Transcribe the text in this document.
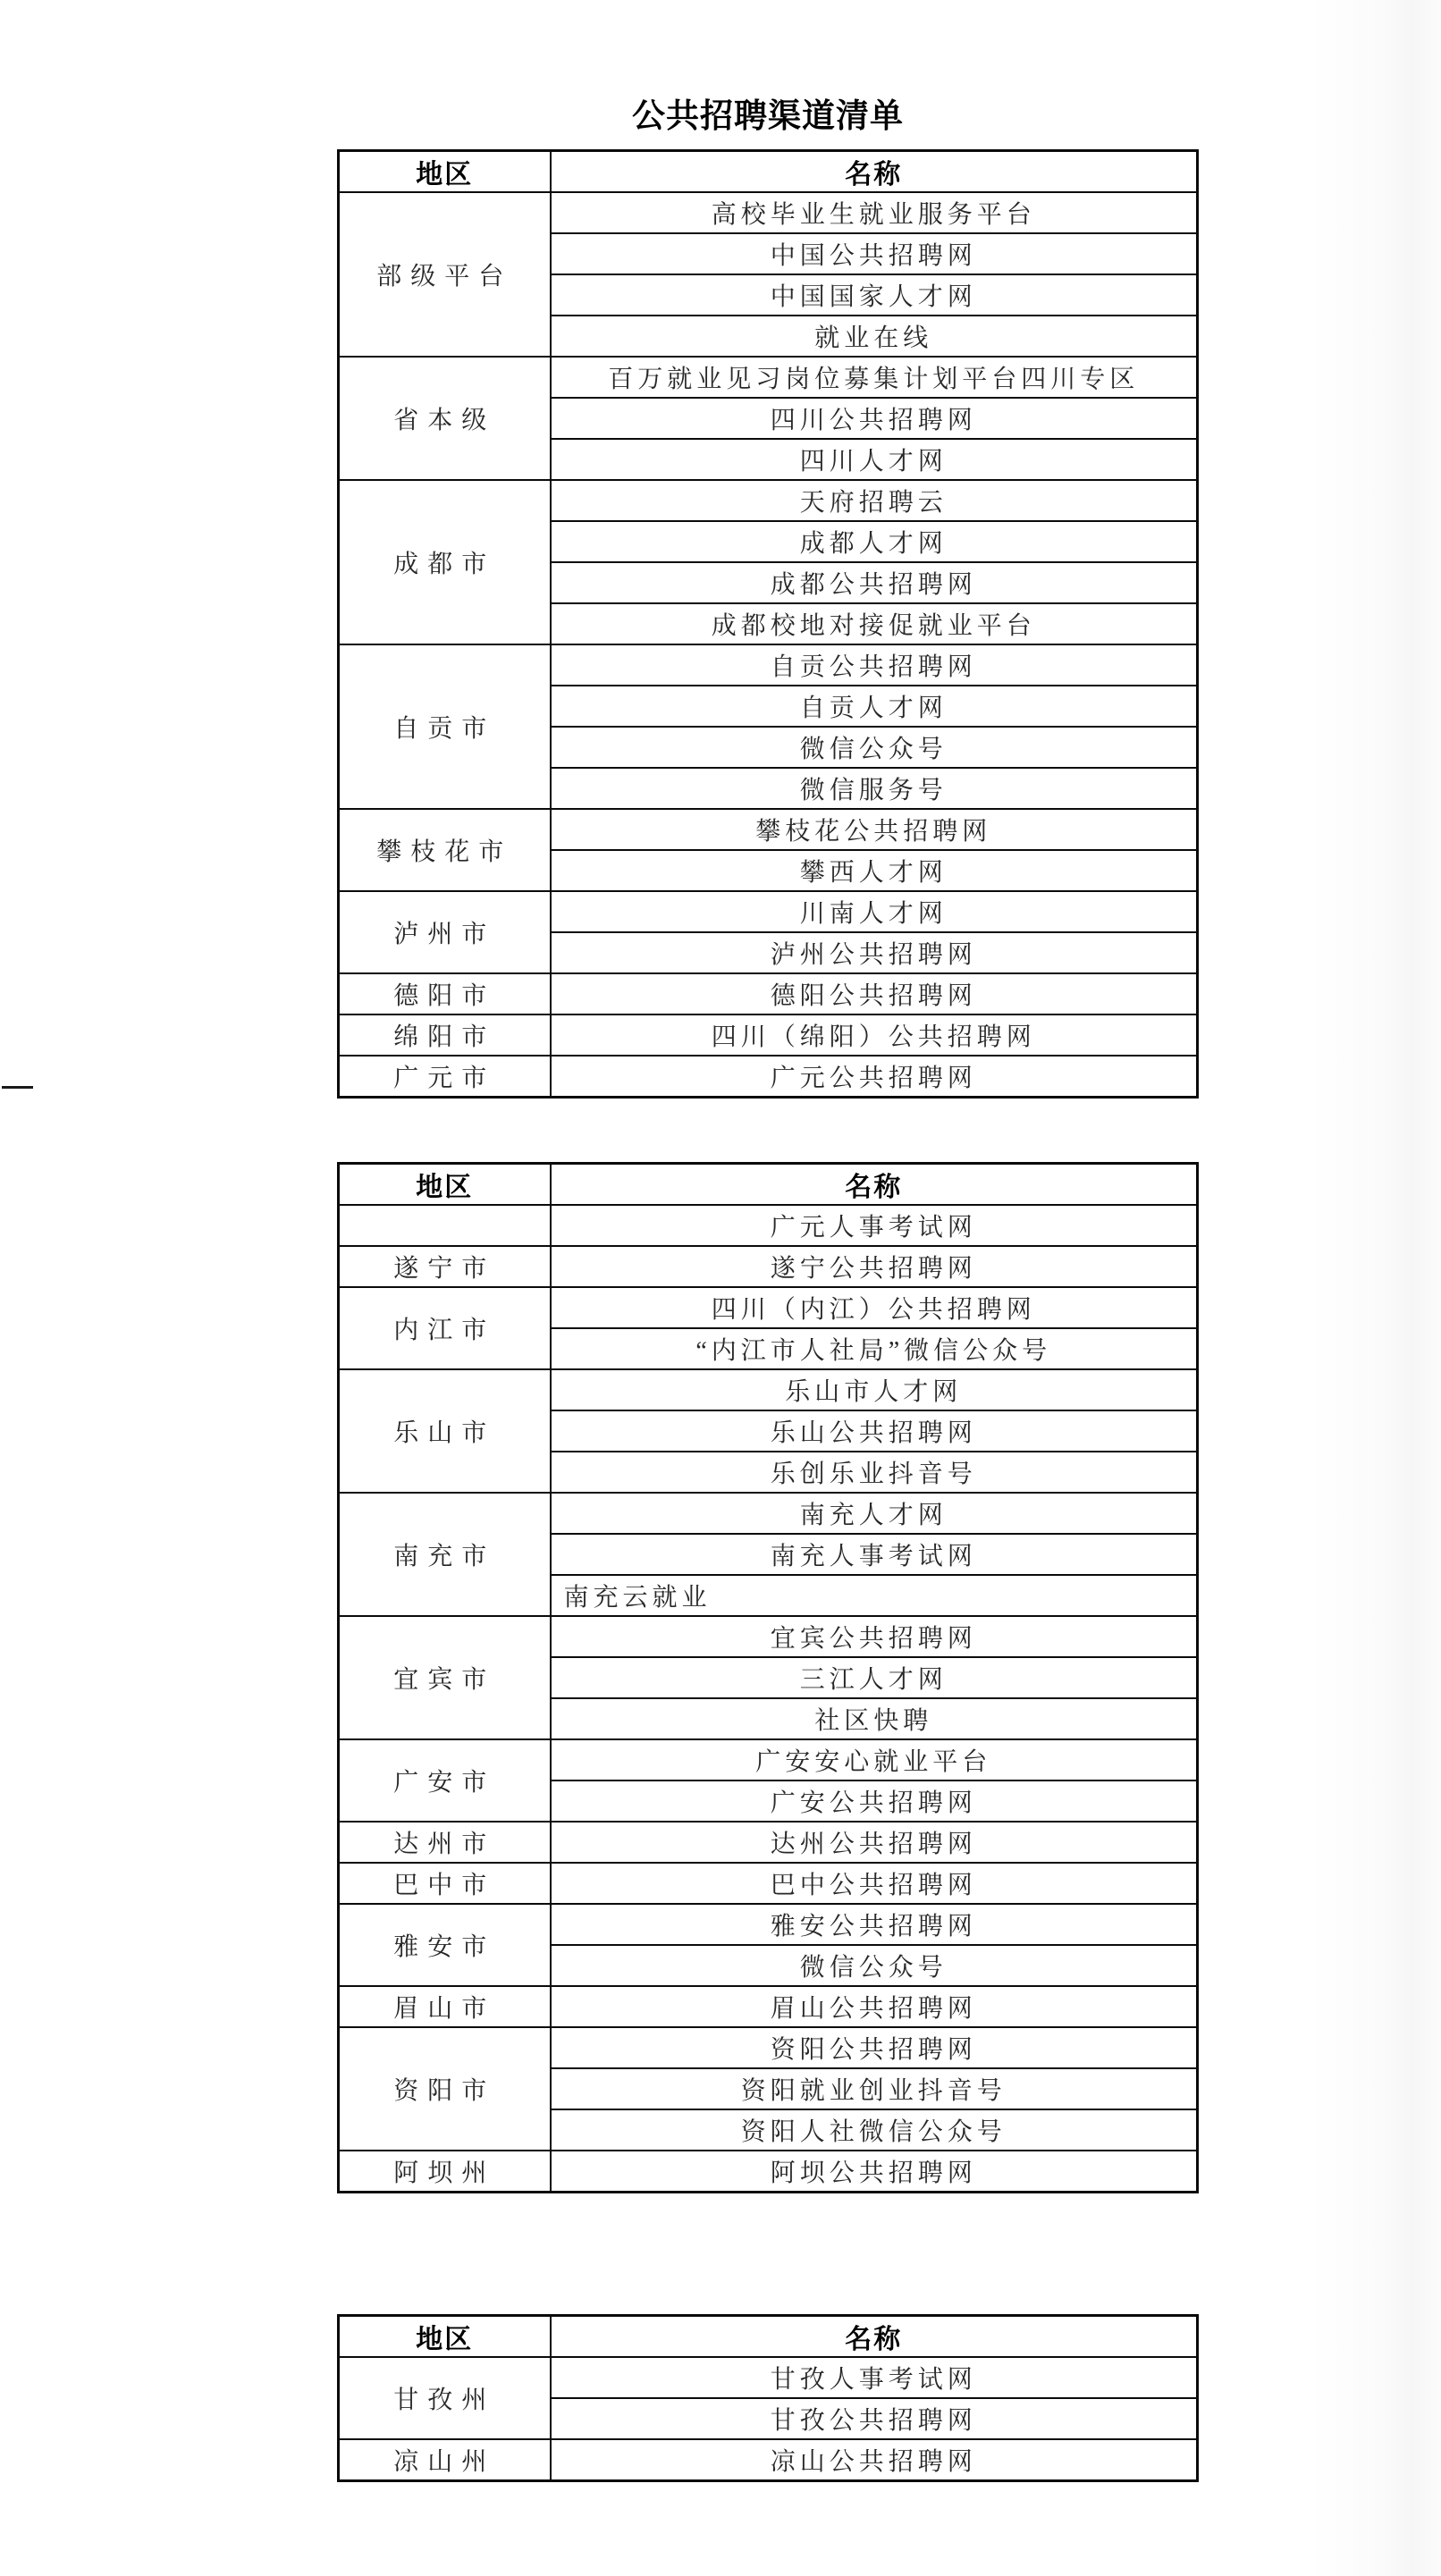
公共招聘渠道清单
地区	名称
部级平台	高校毕业生就业服务平台
	中国公共招聘网
	中国国家人才网
	就业在线
省本级	百万就业见习岗位募集计划平台四川专区
	四川公共招聘网
	四川人才网
成都市	天府招聘云
	成都人才网
	成都公共招聘网
	成都校地对接促就业平台
自贡市	自贡公共招聘网
	自贡人才网
	微信公众号
	微信服务号
攀枝花市	攀枝花公共招聘网
	攀西人才网
泸州市	川南人才网
	泸州公共招聘网
德阳市	德阳公共招聘网
绵阳市	四川（绵阳）公共招聘网
广元市	广元公共招聘网
地区	名称
	广元人事考试网
遂宁市	遂宁公共招聘网
内江市	四川（内江）公共招聘网
	“内江市人社局”微信公众号
乐山市	乐山市人才网
	乐山公共招聘网
	乐创乐业抖音号
南充市	南充人才网
	南充人事考试网
	南充云就业
宜宾市	宜宾公共招聘网
	三江人才网
	社区快聘
广安市	广安安心就业平台
	广安公共招聘网
达州市	达州公共招聘网
巴中市	巴中公共招聘网
雅安市	雅安公共招聘网
	微信公众号
眉山市	眉山公共招聘网
资阳市	资阳公共招聘网
	资阳就业创业抖音号
	资阳人社微信公众号
阿坝州	阿坝公共招聘网
地区	名称
甘孜州	甘孜人事考试网
	甘孜公共招聘网
凉山州	凉山公共招聘网
